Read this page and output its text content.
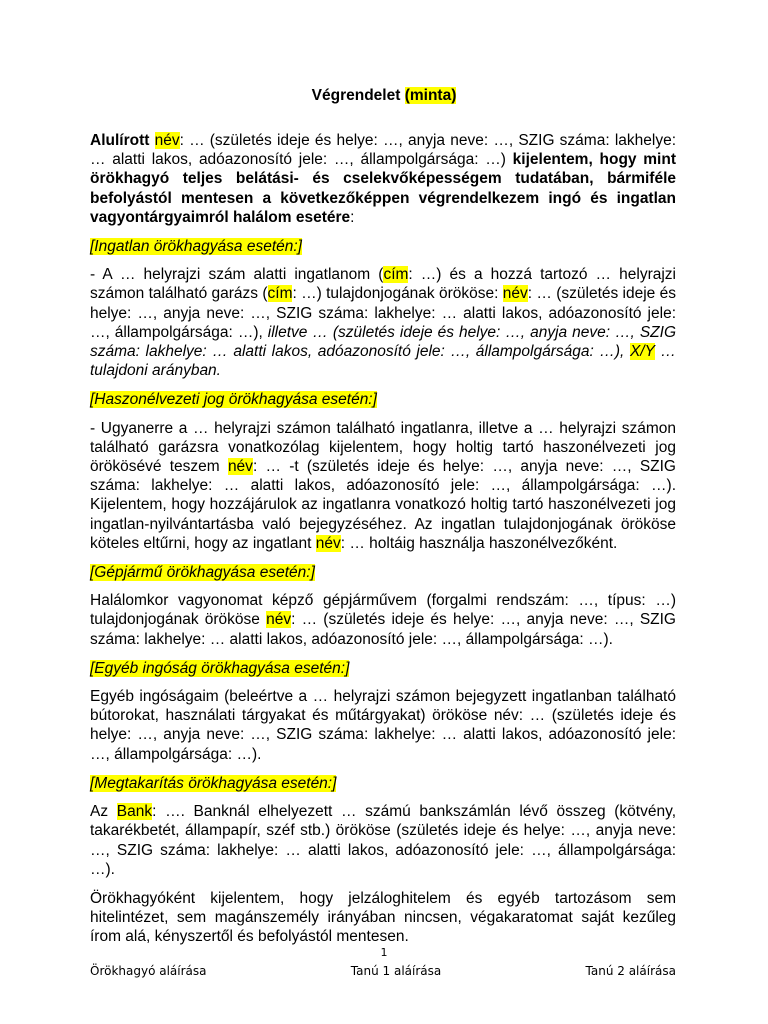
Végrendelet (minta)

Alulírott név: … (születés ideje és helye: …, anyja neve: …, SZIG száma: lakhelye: … alatti lakos, adóazonosító jele: …, állampolgársága: …) kijelentem, hogy mint örökhagyó teljes belátási- és cselekvőképességem tudatában, bármiféle befolyástól mentesen a következőképpen végrendelkezem ingó és ingatlan vagyontárgyaimról halálom esetére:

[Ingatlan örökhagyása esetén:]

- A … helyrajzi szám alatti ingatlanom (cím: …) és a hozzá tartozó … helyrajzi számon található garázs (cím: …) tulajdonjogának örököse: név: … (születés ideje és helye: …, anyja neve: …, SZIG száma: lakhelye: … alatti lakos, adóazonosító jele: …, állampolgársága: …), illetve … (születés ideje és helye: …, anyja neve: …, SZIG száma: lakhelye: … alatti lakos, adóazonosító jele: …, állampolgársága: …), X/Y … tulajdoni arányban.

[Haszonélvezeti jog örökhagyása esetén:]

- Ugyanerre a … helyrajzi számon található ingatlanra, illetve a … helyrajzi számon található garázsra vonatkozólag kijelentem, hogy holtig tartó haszonélvezeti jog örökösévé teszem név: … -t (születés ideje és helye: …, anyja neve: …, SZIG száma: lakhelye: … alatti lakos, adóazonosító jele: …, állampolgársága: …). Kijelentem, hogy hozzájárulok az ingatlanra vonatkozó holtig tartó haszonélvezeti jog ingatlan-nyilvántartásba való bejegyzéséhez. Az ingatlan tulajdonjogának örököse köteles eltűrni, hogy az ingatlant név: … holtáig használja haszonélvezőként.

[Gépjármű örökhagyása esetén:]

Halálomkor vagyonomat képző gépjárművem (forgalmi rendszám: …, típus: …) tulajdonjogának örököse név: … (születés ideje és helye: …, anyja neve: …, SZIG száma: lakhelye: … alatti lakos, adóazonosító jele: …, állampolgársága: …).

[Egyéb ingóság örökhagyása esetén:]

Egyéb ingóságaim (beleértve a … helyrajzi számon bejegyzett ingatlanban található bútorokat, használati tárgyakat és műtárgyakat) örököse név: … (születés ideje és helye: …, anyja neve: …, SZIG száma: lakhelye: … alatti lakos, adóazonosító jele: …, állampolgársága: …).

[Megtakarítás örökhagyása esetén:]

Az Bank: …. Banknál elhelyezett … számú bankszámlán lévő összeg (kötvény, takarékbetét, állampapír, széf stb.) örököse (születés ideje és helye: …, anyja neve: …, SZIG száma: lakhelye: … alatti lakos, adóazonosító jele: …, állampolgársága: …).

Örökhagyóként kijelentem, hogy jelzáloghitelem és egyéb tartozásom sem hitelintézet, sem magánszemély irányában nincsen, végakaratomat saját kezűleg írom alá, kényszertől és befolyástól mentesen.

1
Örökhagyó aláírása	Tanú 1 aláírása	Tanú 2 aláírása
